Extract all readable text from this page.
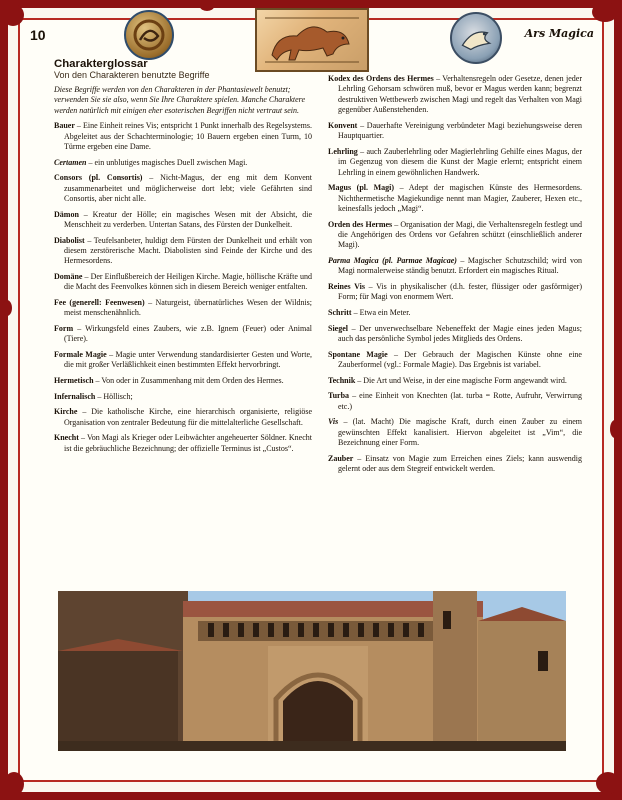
10	Ars Magica
Charakterglossar
Von den Charakteren benutzte Begriffe

Diese Begriffe werden von den Charakteren in der Phantasiewelt benutzt; verwenden Sie sie also, wenn Sie Ihre Charaktere spielen. Manche Charaktere werden natürlich mit einigen eher esoterischen Begriffen nicht vertraut sein.

Bauer – Eine Einheit reines Vis; entspricht 1 Punkt innerhalb des Regelsystems. Abgeleitet aus der Schachterminologie; 10 Bauern ergeben einen Turm, 10 Türme ergeben eine Dame.

Certamen – ein unblutiges magisches Duell zwischen Magi.

Consors (pl. Consortis) – Nicht-Magus, der eng mit dem Konvent zusammenarbeitet und möglicherweise dort lebt; viele Gefährten sind Consortis, aber nicht alle.

Dämon – Kreatur der Hölle; ein magisches Wesen mit der Absicht, die Menschheit zu verderben. Untertan Satans, des Fürsten der Dunkelheit.

Diabolist – Teufelsanbeter, huldigt dem Fürsten der Dunkelheit und erhält von diesem zerstörerische Macht. Diabolisten sind Feinde der Kirche und des Hermesordens.

Domäne – Der Einflußbereich der Heiligen Kirche. Magie, höllische Kräfte und die Macht des Feenvolkes können sich in diesem Bereich weniger entfalten.

Fee (generell: Feenwesen) – Naturgeist, übernatürliches Wesen der Wildnis; meist menschenähnlich.

Form – Wirkungsfeld eines Zaubers, wie z.B. Ignem (Feuer) oder Animal (Tiere).

Formale Magie – Magie unter Verwendung standardisierter Gesten und Worte, die mit großer Verläßlichkeit einen bestimmten Effekt hervorbringt.

Hermetisch – Von oder in Zusammenhang mit dem Orden des Hermes.

Infernalisch – Höllisch;

Kirche – Die katholische Kirche, eine hierarchisch organisierte, religiöse Organisation von zentraler Bedeutung für die mittelalterliche Gesellschaft.

Knecht – Von Magi als Krieger oder Leibwächter angeheuerter Söldner. Knecht ist die gebräuchliche Bezeichnung; der offizielle Terminus ist „Custos“.

Kodex des Ordens des Hermes – Verhaltensregeln oder Gesetze, denen jeder Lehrling Gehorsam schwören muß, bevor er Magus werden kann; begrenzt destruktiven Wettbewerb zwischen Magi und regelt das Verhalten von Magi gegenüber Außenstehenden.

Konvent – Dauerhafte Vereinigung verbündeter Magi beziehungsweise deren Hauptquartier.

Lehrling – auch Zauberlehrling oder Magierlehrling Gehilfe eines Magus, der im Gegenzug von diesem die Kunst der Magie erlernt; entspricht einem Lehrling in einem gewöhnlichen Handwerk.

Magus (pl. Magi) – Adept der magischen Künste des Hermesordens. Nichthermetische Magiekundige nennt man Magier, Zauberer, Hexen etc., keinesfalls jedoch „Magi“.

Orden des Hermes – Organisation der Magi, die Verhaltensregeln festlegt und die Angehörigen des Ordens vor Gefahren schützt (einschließlich anderer Magi).

Parma Magica (pl. Parmae Magicae) – Magischer Schutzschild; wird von Magi normalerweise ständig benutzt. Erfordert ein magisches Ritual.

Reines Vis – Vis in physikalischer (d.h. fester, flüssiger oder gasförmiger) Form; für Magi von enormem Wert.

Schritt – Etwa ein Meter.

Siegel – Der unverwechselbare Nebeneffekt der Magie eines jeden Magus; auch das persönliche Symbol jedes Mitglieds des Ordens.

Spontane Magie – Der Gebrauch der Magischen Künste ohne eine Zauberformel (vgl.: Formale Magie). Das Ergebnis ist variabel.

Technik – Die Art und Weise, in der eine magische Form angewandt wird.

Turba – eine Einheit von Knechten (lat. turba = Rotte, Aufruhr, Verwirrung etc.)

Vis – (lat. Macht) Die magische Kraft, durch einen Zauber zu einem gewünschten Effekt kanalisiert. Hiervon abgeleitet ist „Vim“, die Bezeichnung einer Form.

Zauber – Einsatz von Magie zum Erreichen eines Ziels; kann auswendig gelernt oder aus dem Stegreif entwickelt werden.
